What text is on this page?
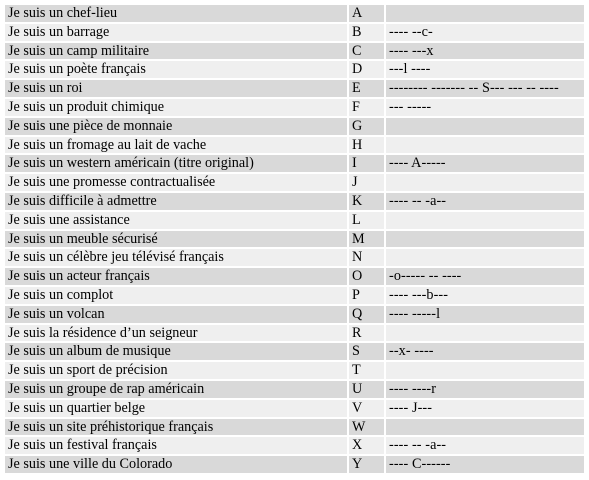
Je suis un chef-lieu	A	
Je suis un barrage	B	---- --c-
Je suis un camp militaire	C	---- ---x
Je suis un poète français	D	---l ----
Je suis un roi	E	-------- ------- -- S--- --- -- ----
Je suis un produit chimique	F	--- -----
Je suis une pièce de monnaie	G	
Je suis un fromage au lait de vache	H	
Je suis un western américain (titre original)	I	---- A-----
Je suis une promesse contractualisée	J	
Je suis difficile à admettre	K	---- -- -a--
Je suis une assistance	L	
Je suis un meuble sécurisé	M	
Je suis un célèbre jeu télévisé français	N	
Je suis un acteur français	O	-o----- -- ----
Je suis un complot	P	---- ---b---
Je suis un volcan	Q	---- -----l
Je suis la résidence d’un seigneur	R	
Je suis un album de musique	S	--x- ----
Je suis un sport de précision	T	
Je suis un groupe de rap américain	U	---- ----r
Je suis un quartier belge	V	---- J---
Je suis un site préhistorique français	W	
Je suis un festival français	X	---- -- -a--
Je suis une ville du Colorado	Y	---- C------
